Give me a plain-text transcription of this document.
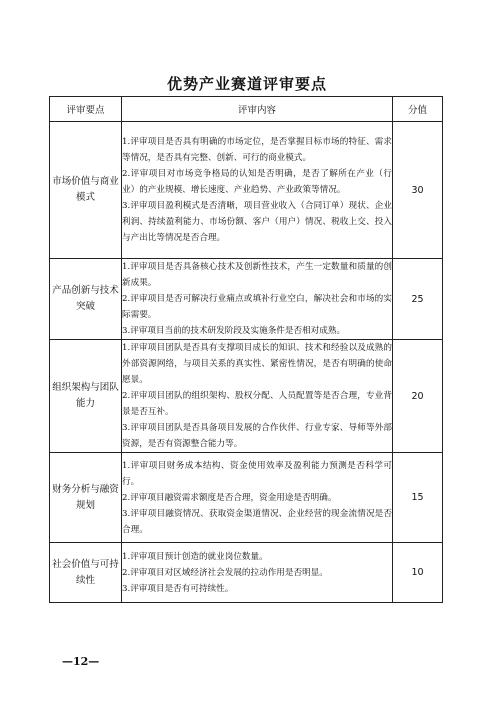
优势产业赛道评审要点
评审要点	评审内容	分值
市场价值与商业模式	1.评审项目是否具有明确的市场定位，是否掌握目标市场的特征、需求等情况，是否具有完整、创新、可行的商业模式。
2.评审项目对市场竞争格局的认知是否明确，是否了解所在产业（行业）的产业规模、增长速度、产业趋势、产业政策等情况。
3.评审项目盈利模式是否清晰，项目营业收入（合同订单）现状、企业利润、持续盈利能力、市场份额、客户（用户）情况、税收上交、投入与产出比等情况是否合理。	30
产品创新与技术突破	1.评审项目是否具备核心技术及创新性技术，产生一定数量和质量的创新成果。
2.评审项目是否可解决行业痛点或填补行业空白，解决社会和市场的实际需要。
3.评审项目当前的技术研发阶段及实施条件是否相对成熟。	25
组织架构与团队能力	1.评审项目团队是否具有支撑项目成长的知识、技术和经验以及成熟的外部资源网络，与项目关系的真实性、紧密性情况，是否有明确的使命愿景。
2.评审项目团队的组织架构、股权分配、人员配置等是否合理，专业背景是否互补。
3.评审项目团队是否具备项目发展的合作伙伴、行业专家、导师等外部资源，是否有资源整合能力等。	20
财务分析与融资规划	1.评审项目财务成本结构、资金使用效率及盈利能力预测是否科学可行。
2.评审项目融资需求额度是否合理，资金用途是否明确。
3.评审项目融资情况、获取资金渠道情况、企业经营的现金流情况是否合理。	15
社会价值与可持续性	1.评审项目预计创造的就业岗位数量。
2.评审项目对区域经济社会发展的拉动作用是否明显。
3.评审项目是否有可持续性。	10
—12—
